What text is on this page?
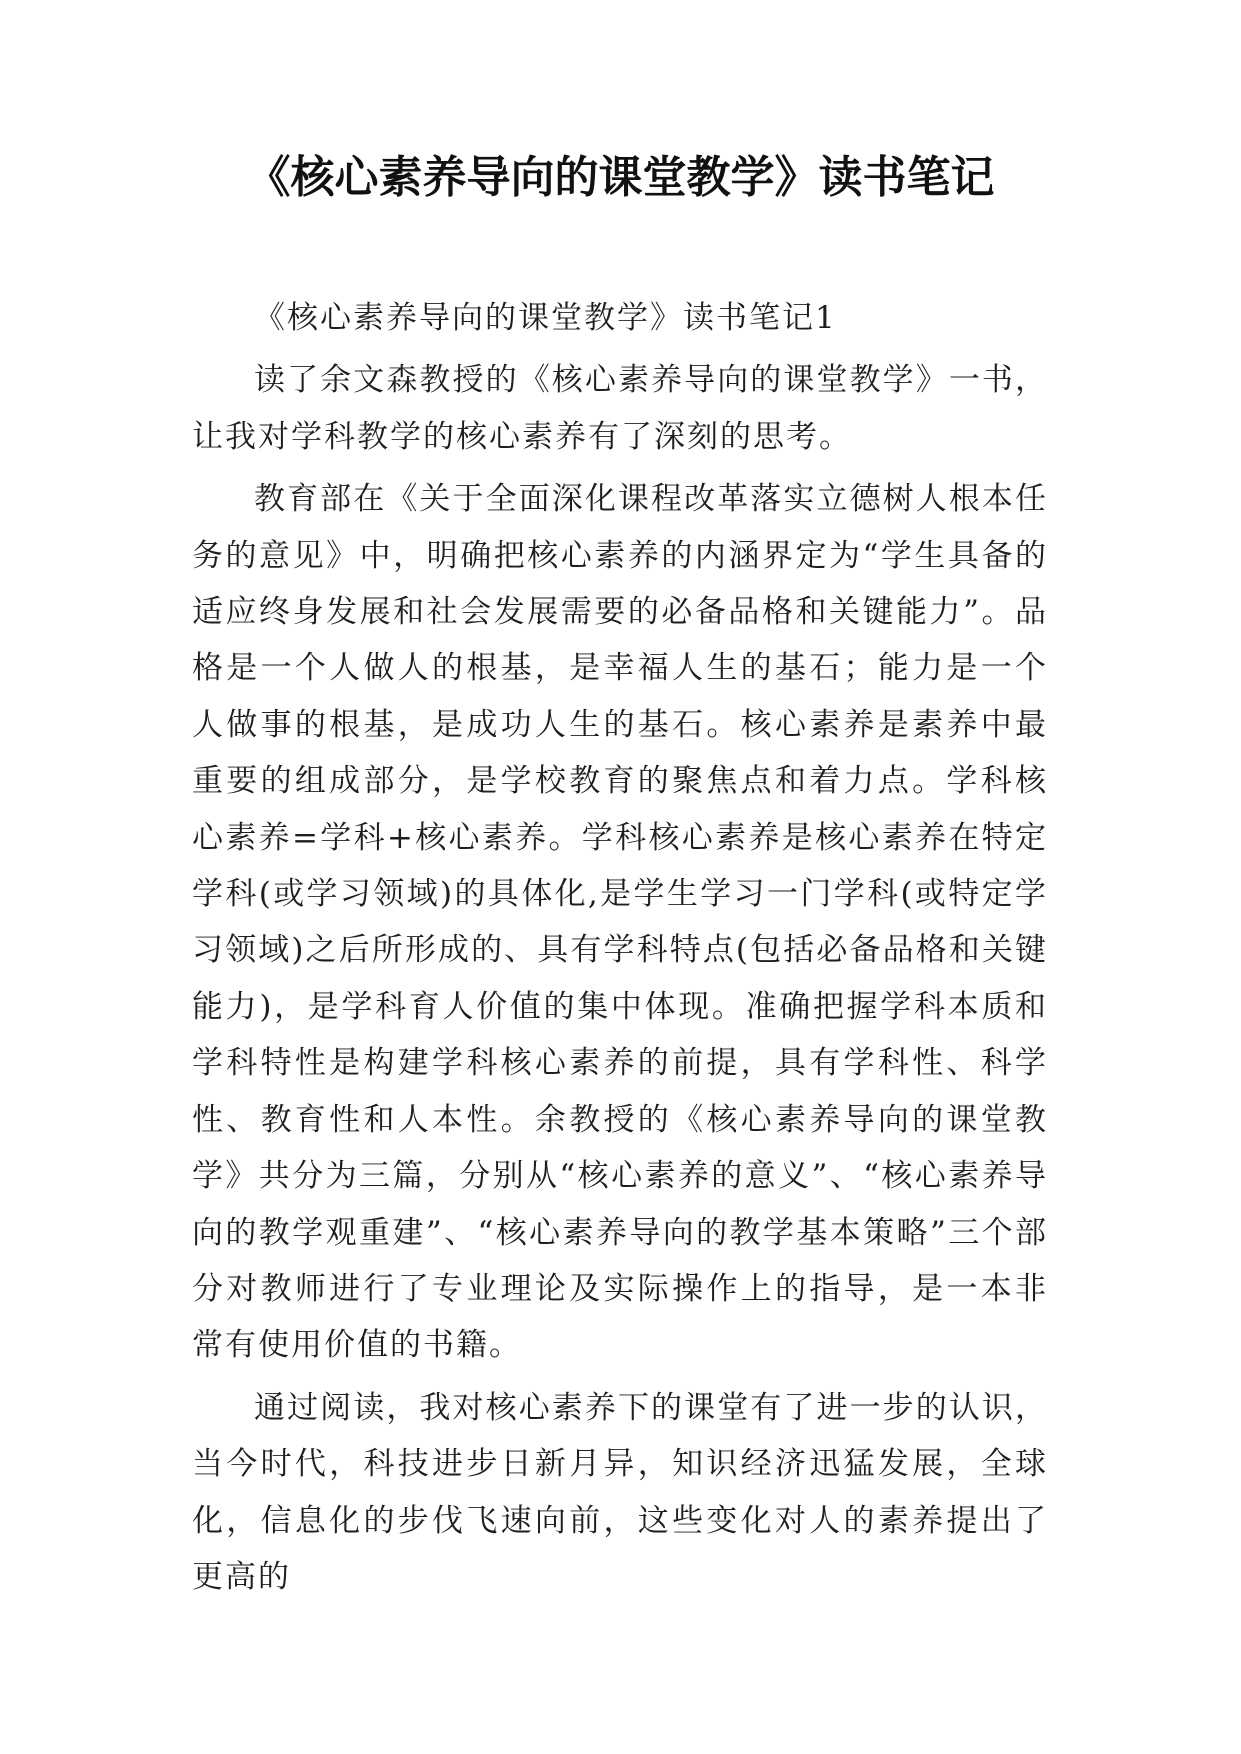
《核心素养导向的课堂教学》读书笔记

《核心素养导向的课堂教学》读书笔记1

读了余文森教授的《核心素养导向的课堂教学》一书，让我对学科教学的核心素养有了深刻的思考。

教育部在《关于全面深化课程改革落实立德树人根本任务的意见》中，明确把核心素养的内涵界定为“学生具备的适应终身发展和社会发展需要的必备品格和关键能力”。品格是一个人做人的根基，是幸福人生的基石；能力是一个人做事的根基，是成功人生的基石。核心素养是素养中最重要的组成部分，是学校教育的聚焦点和着力点。学科核心素养=学科+核心素养。学科核心素养是核心素养在特定学科(或学习领域)的具体化,是学生学习一门学科(或特定学习领域)之后所形成的、具有学科特点(包括必备品格和关键能力)，是学科育人价值的集中体现。准确把握学科本质和学科特性是构建学科核心素养的前提，具有学科性、科学性、教育性和人本性。余教授的《核心素养导向的课堂教学》共分为三篇，分别从“核心素养的意义”、“核心素养导向的教学观重建”、“核心素养导向的教学基本策略”三个部分对教师进行了专业理论及实际操作上的指导，是一本非常有使用价值的书籍。

通过阅读，我对核心素养下的课堂有了进一步的认识，当今时代，科技进步日新月异，知识经济迅猛发展，全球化，信息化的步伐飞速向前，这些变化对人的素养提出了更高的
